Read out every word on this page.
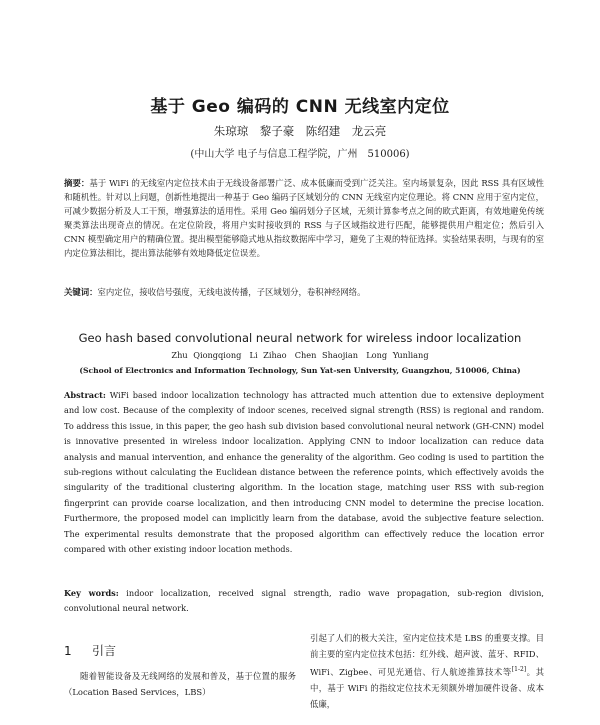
基于 Geo 编码的 CNN 无线室内定位
朱琼琼　黎子豪　陈绍建　龙云亮
(中山大学 电子与信息工程学院，广州　510006)

摘要：基于 WiFi 的无线室内定位技术由于无线设备部署广泛、成本低廉而受到广泛关注。室内场景复杂，因此 RSS 具有区域性和随机性。针对以上问题，创新性地提出一种基于 Geo 编码子区域划分的 CNN 无线室内定位理论。将 CNN 应用于室内定位，可减少数据分析及人工干预，增强算法的适用性。采用 Geo 编码划分子区域，无须计算参考点之间的欧式距离，有效地避免传统聚类算法出现奇点的情况。在定位阶段，将用户实时接收到的 RSS 与子区域指纹进行匹配，能够提供用户粗定位；然后引入 CNN 模型确定用户的精确位置。提出模型能够隐式地从指纹数据库中学习，避免了主观的特征选择。实验结果表明，与现有的室内定位算法相比，提出算法能够有效地降低定位误差。

关键词：室内定位，接收信号强度，无线电波传播，子区域划分，卷积神经网络。

Geo hash based convolutional neural network for wireless indoor localization
Zhu Qiongqiong　Li Zihao　Chen Shaojian　Long Yunliang
(School of Electronics and Information Technology, Sun Yat-sen University, Guangzhou, 510006, China)

Abstract: WiFi based indoor localization technology has attracted much attention due to extensive deployment and low cost. Because of the complexity of indoor scenes, received signal strength (RSS) is regional and random. To address this issue, in this paper, the geo hash sub division based convolutional neural network (GH-CNN) model is innovative presented in wireless indoor localization. Applying CNN to indoor localization can reduce data analysis and manual intervention, and enhance the generality of the algorithm. Geo coding is used to partition the sub-regions without calculating the Euclidean distance between the reference points, which effectively avoids the singularity of the traditional clustering algorithm. In the location stage, matching user RSS with sub-region fingerprint can provide coarse localization, and then introducing CNN model to determine the precise location. Furthermore, the proposed model can implicitly learn from the database, avoid the subjective feature selection. The experimental results demonstrate that the proposed algorithm can effectively reduce the location error compared with other existing indoor location methods.

Key words: indoor localization, received signal strength, radio wave propagation, sub-region division, convolutional neural network.

1 引言

随着智能设备及无线网络的发展和普及，基于位置的服务（Location Based Services，LBS）

引起了人们的极大关注，室内定位技术是 LBS 的重要支撑。目前主要的室内定位技术包括：红外线、超声波、蓝牙、RFID、WiFi、Zigbee、可见光通信、行人航迹推算技术等[1-2]。其中，基于 WiFi 的指纹定位技术无须额外增加硬件设备、成本低廉，
